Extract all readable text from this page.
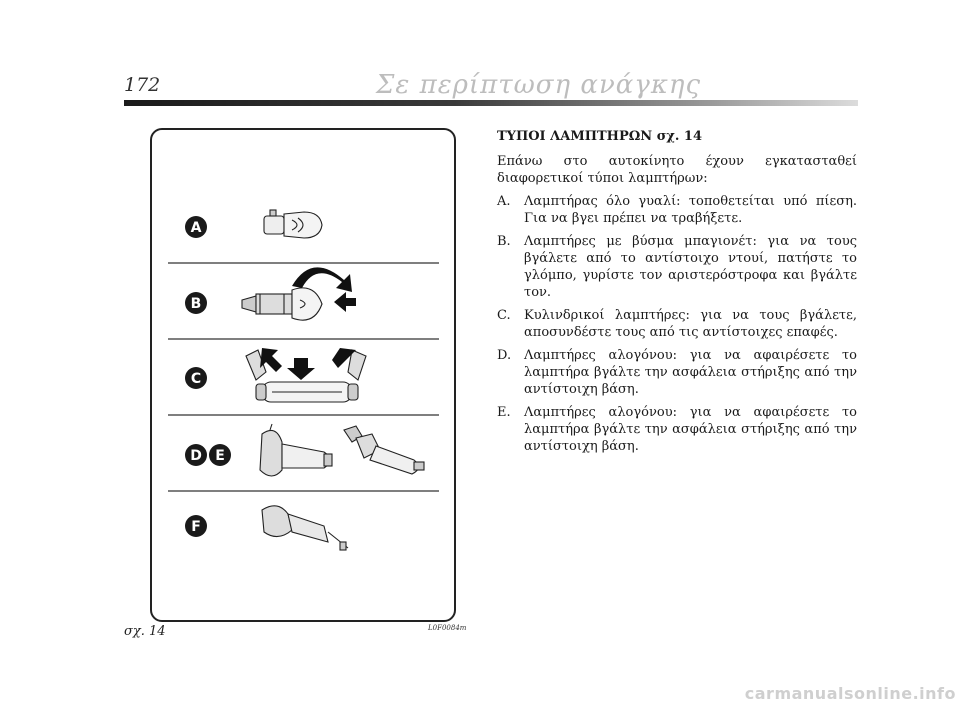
172	Σε περίπτωση ανάγκης
A
B
C
D E
F
σχ. 14	L0F0084m
ΤΥΠΟΙ ΛΑΜΠΤΗΡΩΝ σχ. 14
Επάνω στο αυτοκίνητο έχουν εγκατασταθεί διαφορετικοί τύποι λαμπτήρων:
A.	Λαμπτήρας όλο γυαλί: τοποθετείται υπό πίεση. Για να βγει πρέπει να τραβήξετε.
B.	Λαμπτήρες με βύσμα μπαγιονέτ: για να τους βγάλετε από το αντίστοιχο ντουί, πατήστε το γλόμπο, γυρίστε τον αριστερόστροφα και βγάλτε τον.
C.	Κυλινδρικοί λαμπτήρες: για να τους βγάλετε, αποσυνδέστε τους από τις αντίστοιχες επαφές.
D. Λαμπτήρες αλογόνου: για να αφαιρέσετε το λαμπτήρα βγάλτε την ασφάλεια στήριξης από την αντίστοιχη βάση.
E.	Λαμπτήρες αλογόνου: για να αφαιρέσετε το λαμπτήρα βγάλτε την ασφάλεια στήριξης από την αντίστοιχη βάση.
carmanualsonline.info
